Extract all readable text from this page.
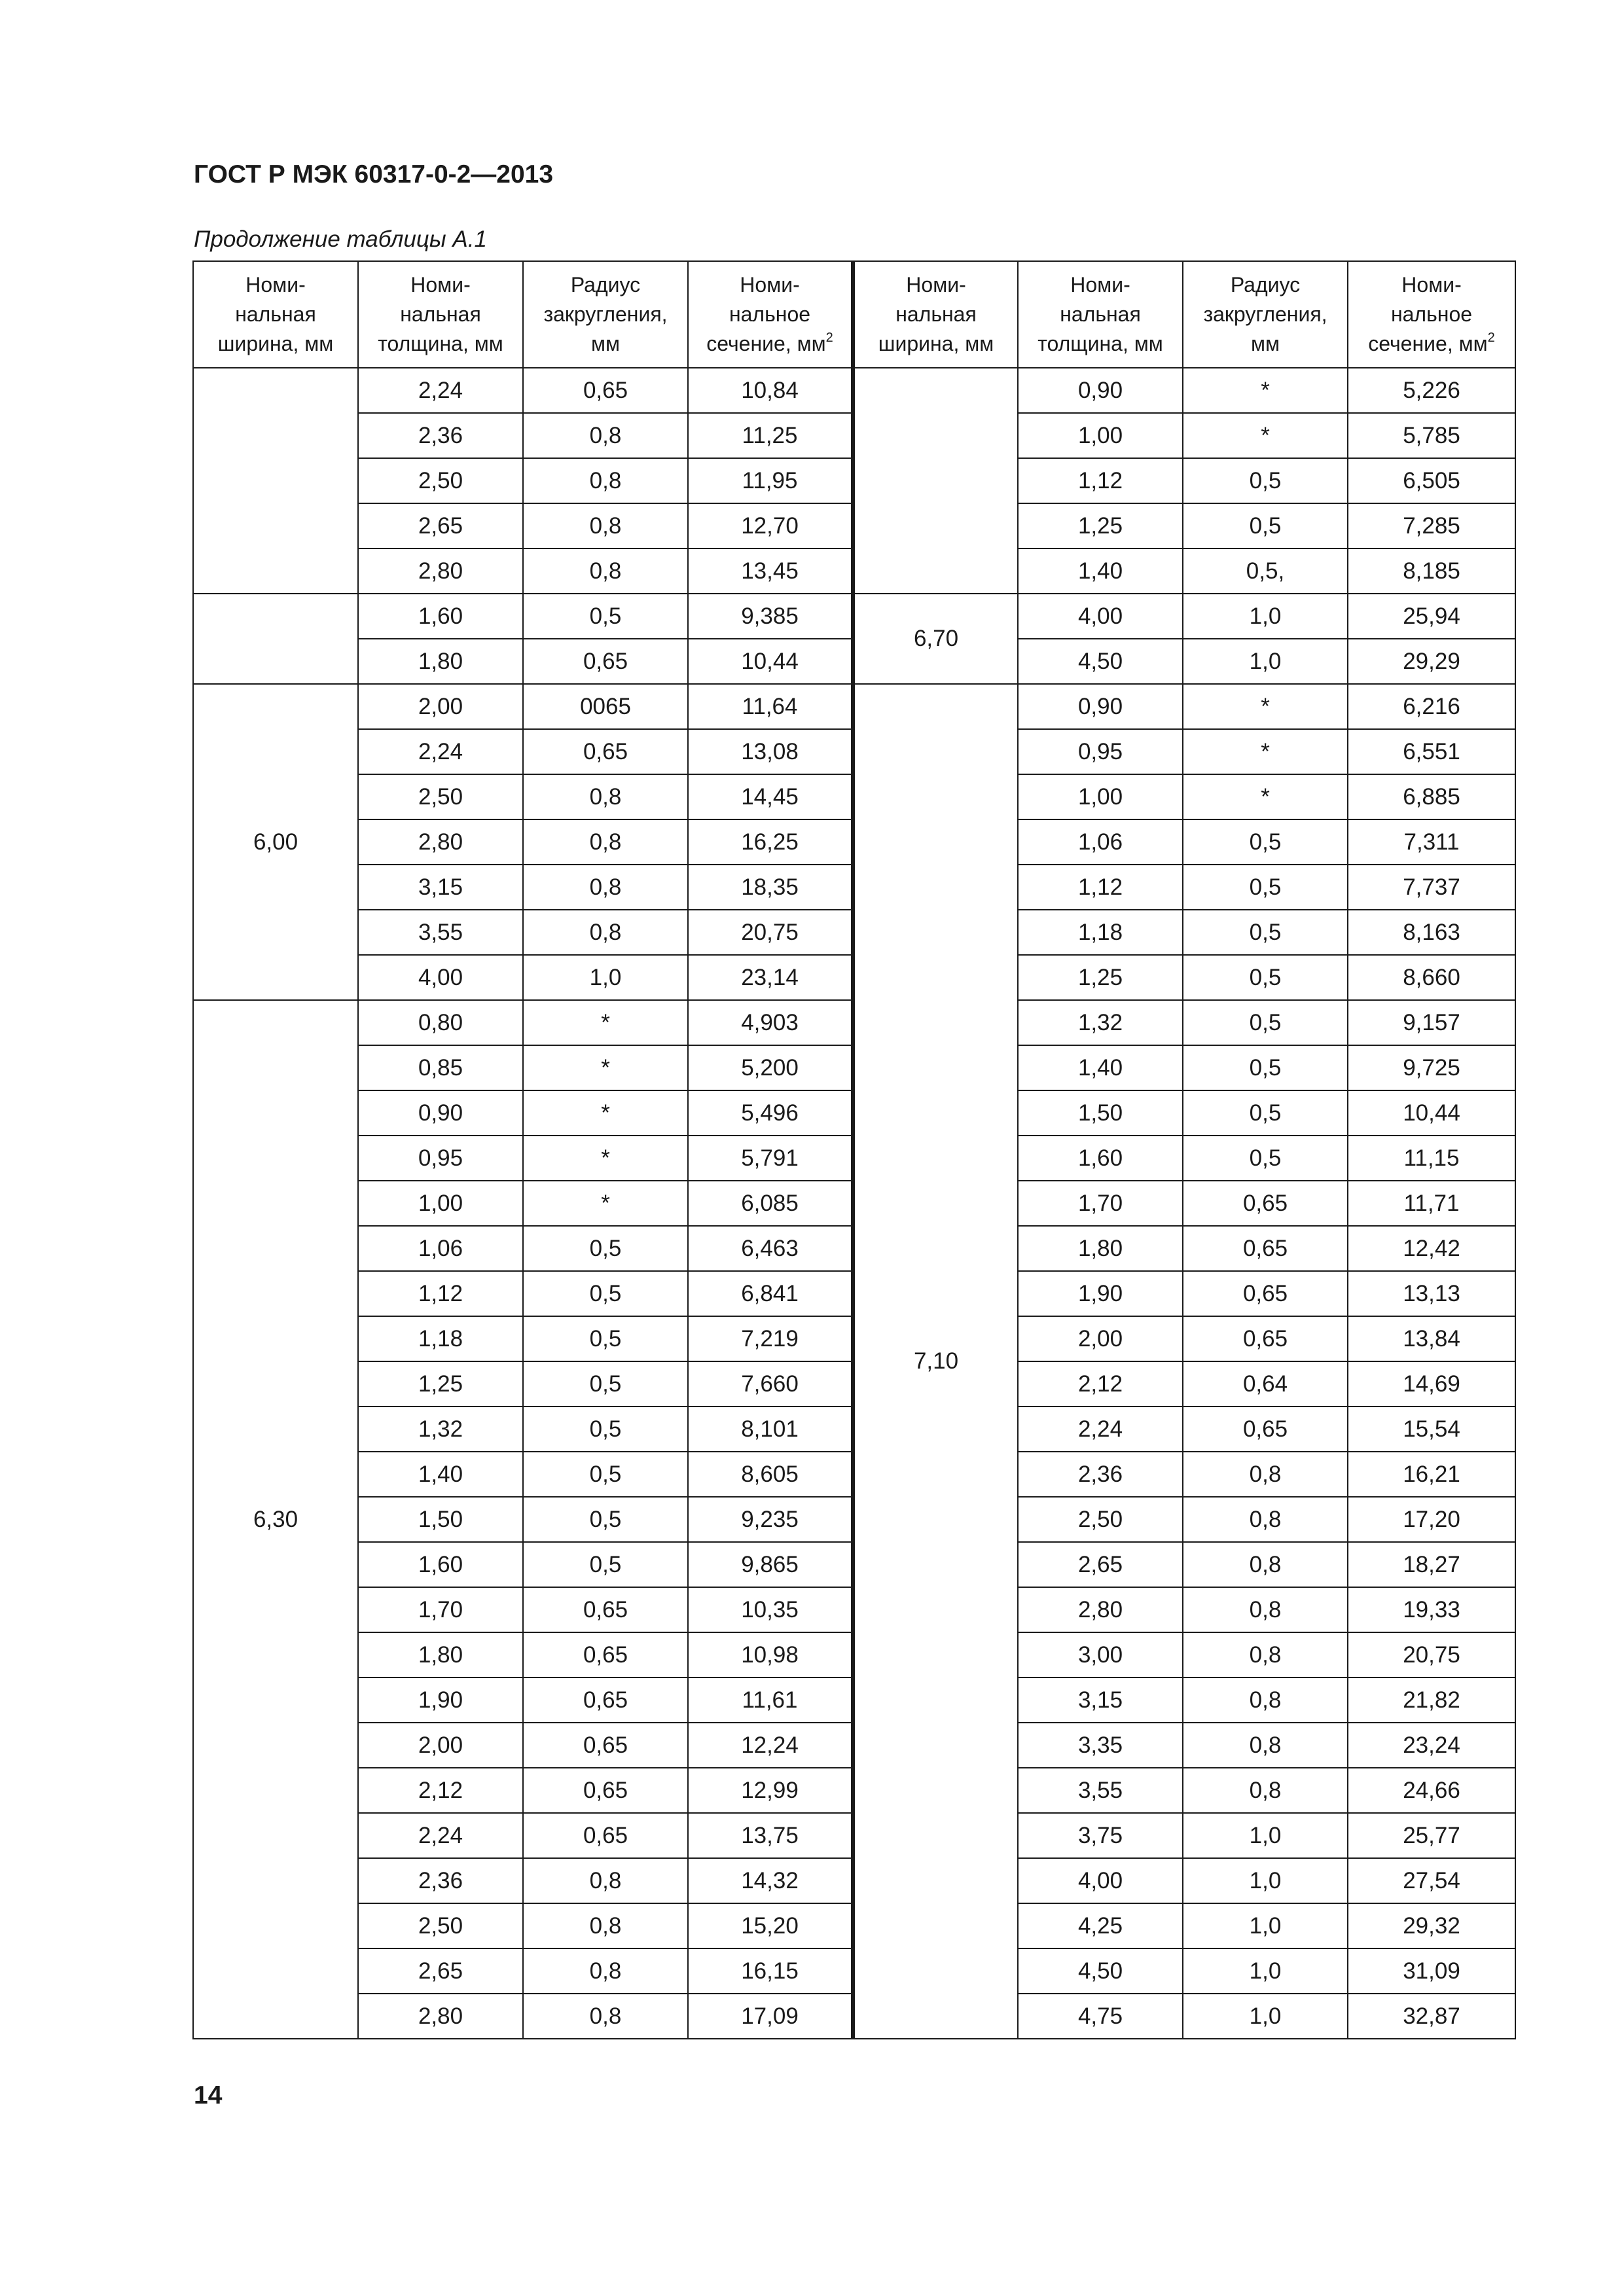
ГОСТ Р МЭК 60317-0-2—2013

Продолжение таблицы А.1

Номи-
нальная
ширина, мм	Номи-
нальная
толщина, мм	Радиус
закругления,
мм	Номи-
нальное
сечение, $мм^2$	Номи-
нальная
ширина, мм	Номи-
нальная
толщина, мм	Радиус
закругления,
мм	Номи-
нальное
сечение, $мм^2$
	2,24	0,65	10,84		0,90	*	5,226
	2,36	0,8	11,25		1,00	*	5,785
	2,50	0,8	11,95		1,12	0,5	6,505
	2,65	0,8	12,70		1,25	0,5	7,285
	2,80	0,8	13,45		1,40	0,5,	8,185
	1,60	0,5	9,385	6,70	4,00	1,0	25,94
	1,80	0,65	10,44		4,50	1,0	29,29
6,00	2,00	0065	11,64	7,10	0,90	*	6,216
	2,24	0,65	13,08		0,95	*	6,551
	2,50	0,8	14,45		1,00	*	6,885
	2,80	0,8	16,25		1,06	0,5	7,311
	3,15	0,8	18,35		1,12	0,5	7,737
	3,55	0,8	20,75		1,18	0,5	8,163
	4,00	1,0	23,14		1,25	0,5	8,660
6,30	0,80	*	4,903		1,32	0,5	9,157
	0,85	*	5,200		1,40	0,5	9,725
	0,90	*	5,496		1,50	0,5	10,44
	0,95	*	5,791		1,60	0,5	11,15
	1,00	*	6,085		1,70	0,65	11,71
	1,06	0,5	6,463		1,80	0,65	12,42
	1,12	0,5	6,841		1,90	0,65	13,13
	1,18	0,5	7,219		2,00	0,65	13,84
	1,25	0,5	7,660		2,12	0,64	14,69
	1,32	0,5	8,101		2,24	0,65	15,54
	1,40	0,5	8,605		2,36	0,8	16,21
	1,50	0,5	9,235		2,50	0,8	17,20
	1,60	0,5	9,865		2,65	0,8	18,27
	1,70	0,65	10,35		2,80	0,8	19,33
	1,80	0,65	10,98		3,00	0,8	20,75
	1,90	0,65	11,61		3,15	0,8	21,82
	2,00	0,65	12,24		3,35	0,8	23,24
	2,12	0,65	12,99		3,55	0,8	24,66
	2,24	0,65	13,75		3,75	1,0	25,77
	2,36	0,8	14,32		4,00	1,0	27,54
	2,50	0,8	15,20		4,25	1,0	29,32
	2,65	0,8	16,15		4,50	1,0	31,09
	2,80	0,8	17,09		4,75	1,0	32,87

14
